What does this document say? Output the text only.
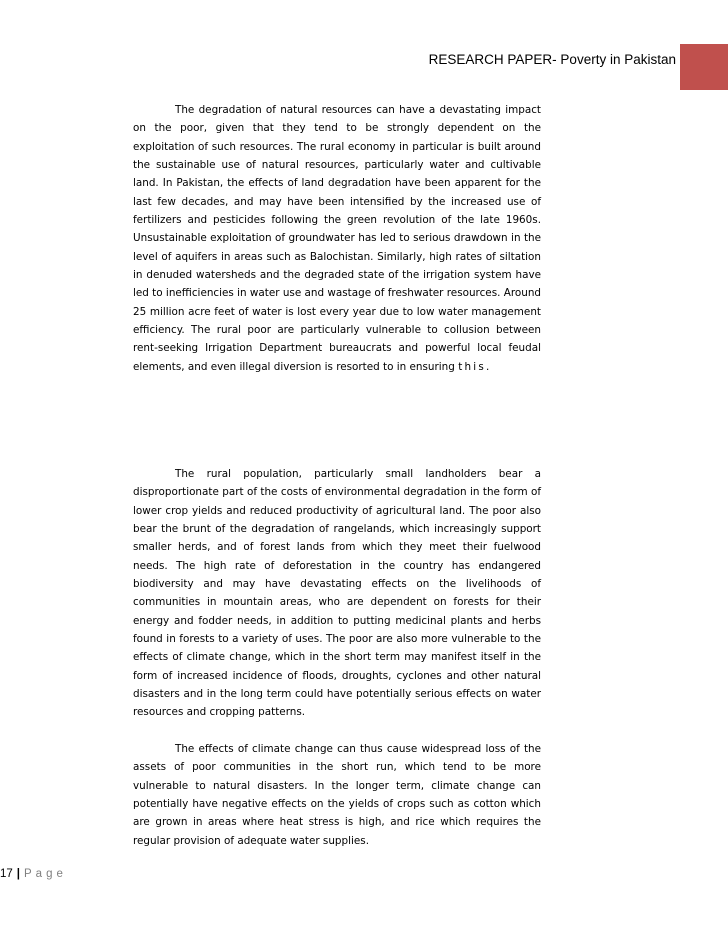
RESEARCH PAPER- Poverty in Pakistan

The degradation of natural resources can have a devastating impact on the poor, given that they tend to be strongly dependent on the exploitation of such resources. The rural economy in particular is built around the sustainable use of natural resources, particularly water and cultivable land. In Pakistan, the effects of land degradation have been apparent for the last few decades, and may have been intensified by the increased use of fertilizers and pesticides following the green revolution of the late 1960s. Unsustainable exploitation of groundwater has led to serious drawdown in the level of aquifers in areas such as Balochistan. Similarly, high rates of siltation in denuded watersheds and the degraded state of the irrigation system have led to inefficiencies in water use and wastage of freshwater resources. Around 25 million acre feet of water is lost every year due to low water management efficiency. The rural poor are particularly vulnerable to collusion between rent-seeking Irrigation Department bureaucrats and powerful local feudal elements, and even illegal diversion is resorted to in ensuring this.

The rural population, particularly small landholders bear a disproportionate part of the costs of environmental degradation in the form of lower crop yields and reduced productivity of agricultural land. The poor also bear the brunt of the degradation of rangelands, which increasingly support smaller herds, and of forest lands from which they meet their fuelwood needs. The high rate of deforestation in the country has endangered biodiversity and may have devastating effects on the livelihoods of communities in mountain areas, who are dependent on forests for their energy and fodder needs, in addition to putting medicinal plants and herbs found in forests to a variety of uses. The poor are also more vulnerable to the effects of climate change, which in the short term may manifest itself in the form of increased incidence of floods, droughts, cyclones and other natural disasters and in the long term could have potentially serious effects on water resources and cropping patterns.

The effects of climate change can thus cause widespread loss of the assets of poor communities in the short run, which tend to be more vulnerable to natural disasters. In the longer term, climate change can potentially have negative effects on the yields of crops such as cotton which are grown in areas where heat stress is high, and rice which requires the regular provision of adequate water supplies.

17 | Page
